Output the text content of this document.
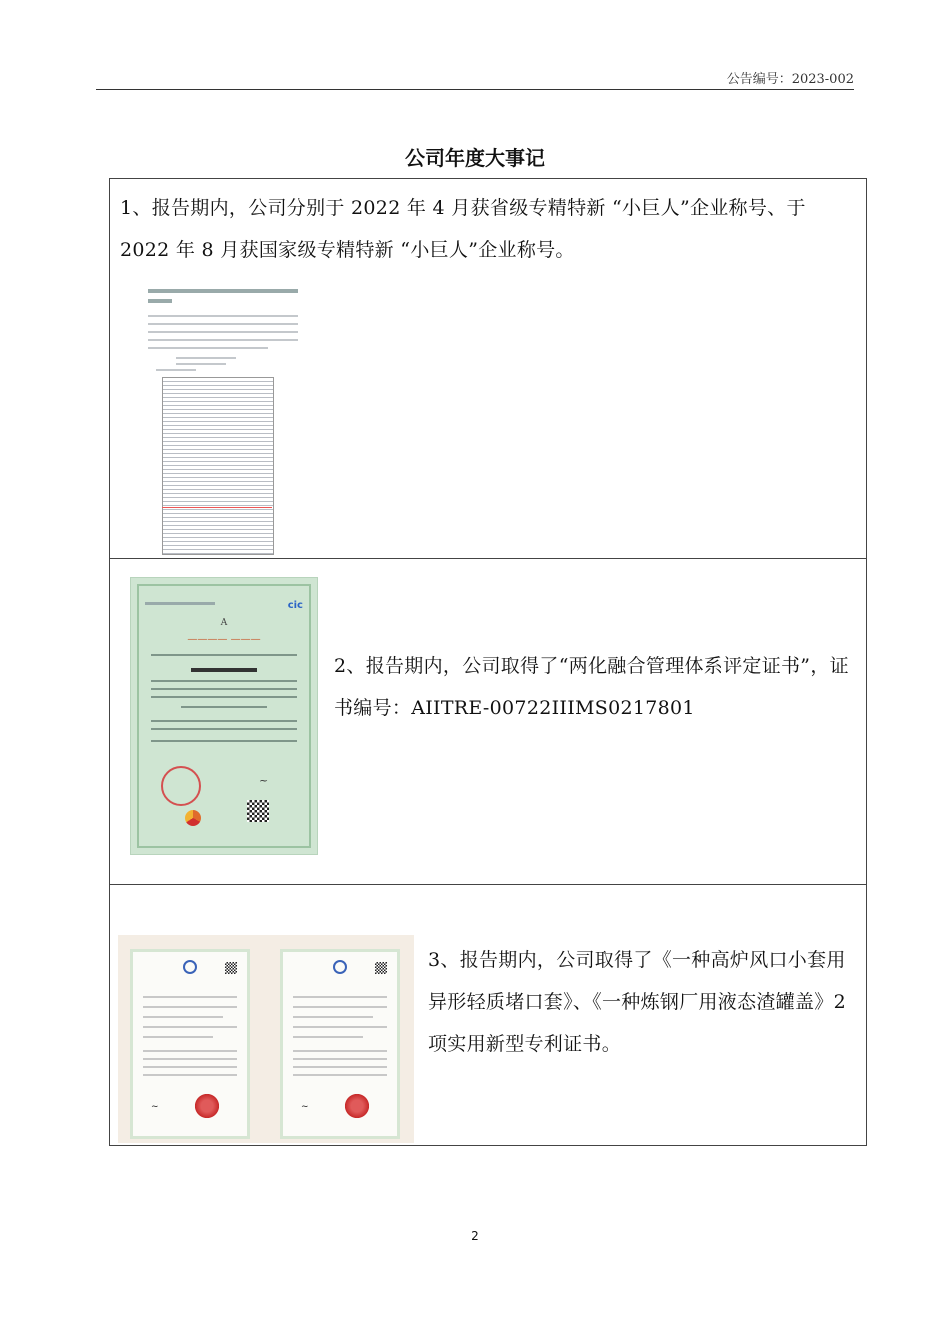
公告编号：2023-002
公司年度大事记
1、报告期内，公司分别于 2022 年 4 月获省级专精特新 “小巨人”企业称号、于 2022 年 8 月获国家级专精特新 “小巨人”企业称号。
cic
A
———— ———
~
2、报告期内，公司取得了“两化融合管理体系评定证书”，证书编号：AIITRE-00722IIIMS0217801
~	~
3、报告期内，公司取得了《一种高炉风口小套用异形轻质堵口套》、《一种炼钢厂用液态渣罐盖》2 项实用新型专利证书。
2
